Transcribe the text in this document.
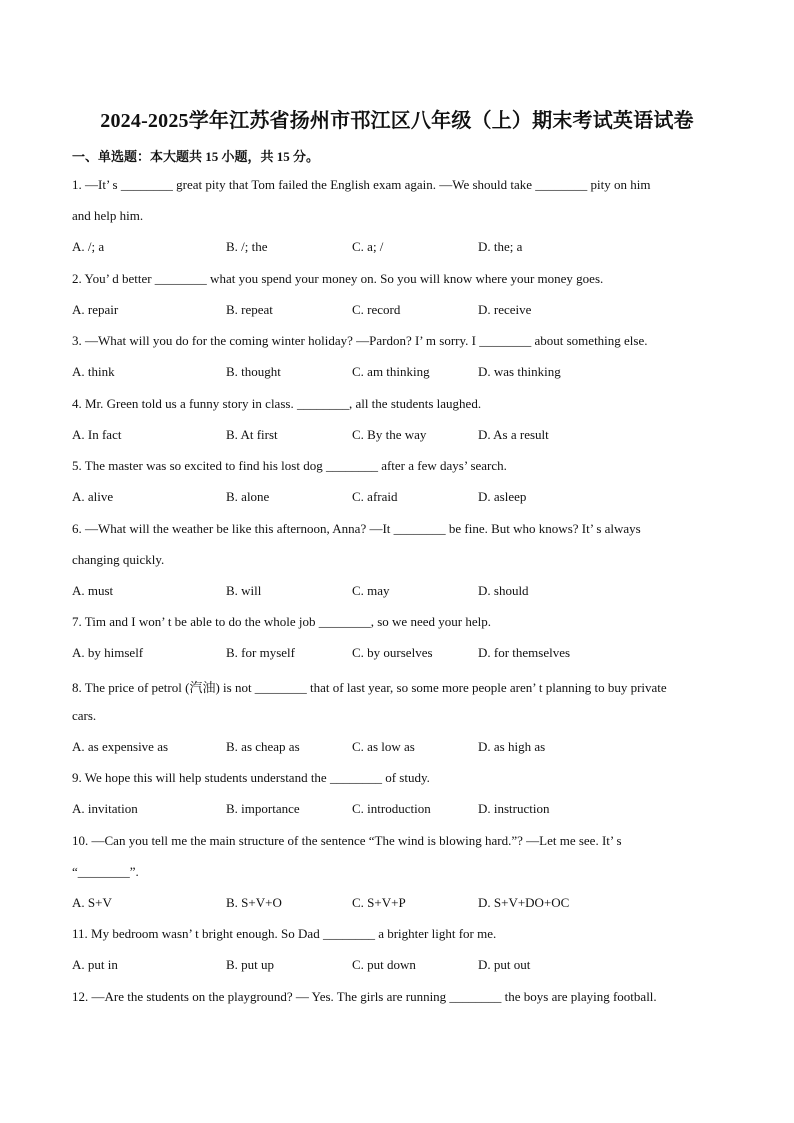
2024-2025学年江苏省扬州市邗江区八年级（上）期末考试英语试卷
一、单选题：本大题共 15 小题，共 15 分。
1. —It’ s ________ great pity that Tom failed the English exam again. —We should take ________ pity on him
and help him.
A. /; a	B. /; the	C. a; /	D. the; a
2. You’ d better ________ what you spend your money on. So you will know where your money goes.
A. repair	B. repeat	C. record	D. receive
3. —What will you do for the coming winter holiday? —Pardon? I’ m sorry. I ________ about something else.
A. think	B. thought	C. am thinking	D. was thinking
4. Mr. Green told us a funny story in class. ________, all the students laughed.
A. In fact	B. At first	C. By the way	D. As a result
5. The master was so excited to find his lost dog ________ after a few days’ search.
A. alive	B. alone	C. afraid	D. asleep
6. —What will the weather be like this afternoon, Anna? —It ________ be fine. But who knows? It’ s always
changing quickly.
A. must	B. will	C. may	D. should
7. Tim and I won’ t be able to do the whole job ________, so we need your help.
A. by himself	B. for myself	C. by ourselves	D. for themselves
8. The price of petrol (汽油) is not ________ that of last year, so some more people aren’ t planning to buy private
cars.
A. as expensive as	B. as cheap as	C. as low as	D. as high as
9. We hope this will help students understand the ________ of study.
A. invitation	B. importance	C. introduction	D. instruction
10. —Can you tell me the main structure of the sentence “The wind is blowing hard.”? —Let me see. It’ s
“________”.
A. S+V	B. S+V+O	C. S+V+P	D. S+V+DO+OC
11. My bedroom wasn’ t bright enough. So Dad ________ a brighter light for me.
A. put in	B. put up	C. put down	D. put out
12. —Are the students on the playground? — Yes. The girls are running ________ the boys are playing football.
